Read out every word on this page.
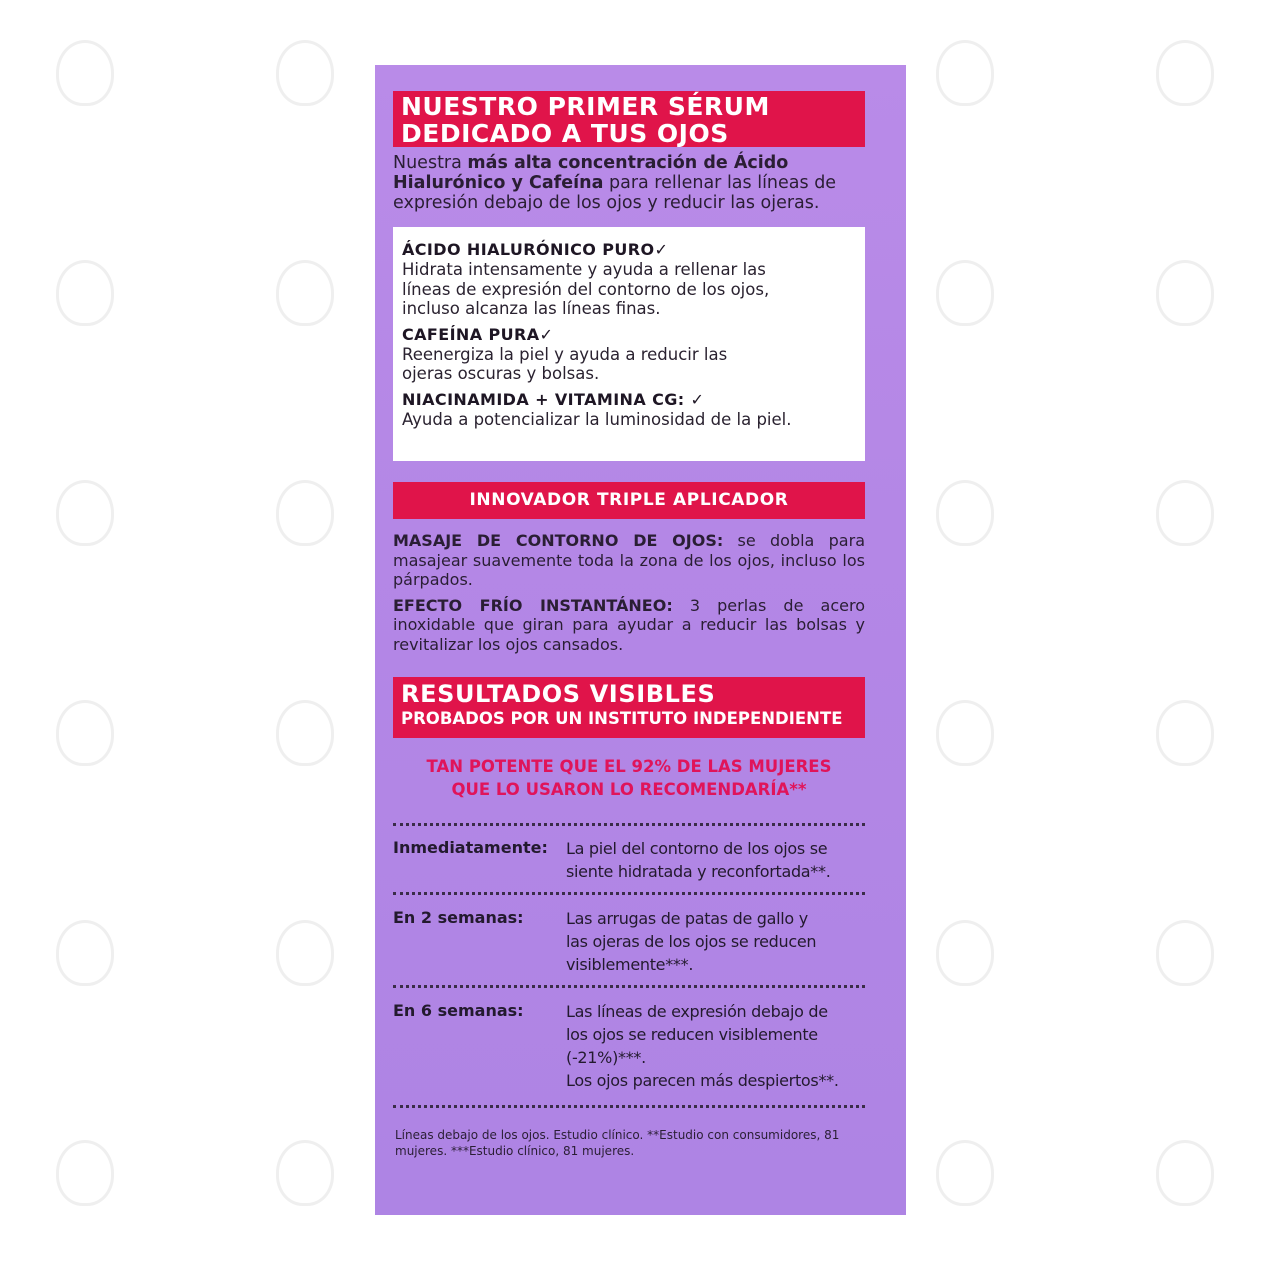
NUESTRO PRIMER SÉRUM
DEDICADO A TUS OJOS
Nuestra más alta concentración de Ácido Hialurónico y Cafeína para rellenar las líneas de expresión debajo de los ojos y reducir las ojeras.
ÁCIDO HIALURÓNICO PURO✓
Hidrata intensamente y ayuda a rellenar las
líneas de expresión del contorno de los ojos,
incluso alcanza las líneas finas.
CAFEÍNA PURA✓
Reenergiza la piel y ayuda a reducir las
ojeras oscuras y bolsas.
NIACINAMIDA + VITAMINA CG: ✓
Ayuda a potencializar la luminosidad de la piel.
INNOVADOR TRIPLE APLICADOR

MASAJE DE CONTORNO DE OJOS: se dobla para masajear suavemente toda la zona de los ojos, incluso los párpados.

EFECTO FRÍO INSTANTÁNEO: 3 perlas de acero inoxidable que giran para ayudar a reducir las bolsas y revitalizar los ojos cansados.

RESULTADOS VISIBLES
PROBADOS POR UN INSTITUTO INDEPENDIENTE
TAN POTENTE QUE EL 92% DE LAS MUJERES
QUE LO USARON LO RECOMENDARÍA**
Inmediatamente:	La piel del contorno de los ojos se
siente hidratada y reconfortada**.
En 2 semanas:	Las arrugas de patas de gallo y
las ojeras de los ojos se reducen
visiblemente***.
En 6 semanas:	Las líneas de expresión debajo de
los ojos se reducen visiblemente
(-21%)***.
Los ojos parecen más despiertos**.
Líneas debajo de los ojos. Estudio clínico. **Estudio con consumidores, 81 mujeres. ***Estudio clínico, 81 mujeres.
